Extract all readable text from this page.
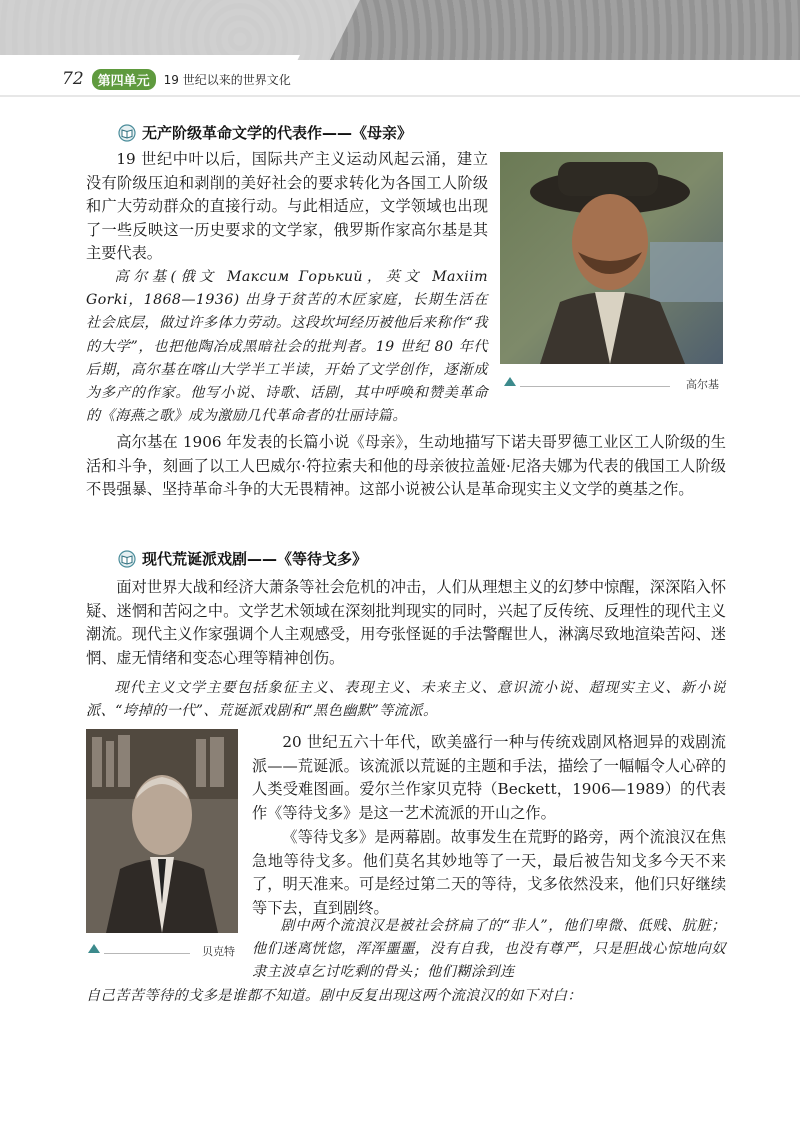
72	第四单元	19 世纪以来的世界文化
无产阶级革命文学的代表作——《母亲》

19 世纪中叶以后，国际共产主义运动风起云涌，建立没有阶级压迫和剥削的美好社会的要求转化为各国工人阶级和广大劳动群众的直接行动。与此相适应，文学领域也出现了一些反映这一历史要求的文学家，俄罗斯作家高尔基是其主要代表。

高尔基(俄文 Максим Горький，英文 Maxiim Gorki，1868—1936) 出身于贫苦的木匠家庭，长期生活在社会底层，做过许多体力劳动。这段坎坷经历被他后来称作“我的大学”，也把他陶冶成黑暗社会的批判者。19 世纪 80 年代后期，高尔基在喀山大学半工半读，开始了文学创作，逐渐成为多产的作家。他写小说、诗歌、话剧，其中呼唤和赞美革命的《海燕之歌》成为激励几代革命者的壮丽诗篇。

高尔基

高尔基在 1906 年发表的长篇小说《母亲》，生动地描写下诺夫哥罗德工业区工人阶级的生活和斗争，刻画了以工人巴威尔·符拉索夫和他的母亲彼拉盖娅·尼洛夫娜为代表的俄国工人阶级不畏强暴、坚持革命斗争的大无畏精神。这部小说被公认是革命现实主义文学的奠基之作。

现代荒诞派戏剧——《等待戈多》

面对世界大战和经济大萧条等社会危机的冲击，人们从理想主义的幻梦中惊醒，深深陷入怀疑、迷惘和苦闷之中。文学艺术领域在深刻批判现实的同时，兴起了反传统、反理性的现代主义潮流。现代主义作家强调个人主观感受，用夸张怪诞的手法警醒世人，淋漓尽致地渲染苦闷、迷惘、虚无情绪和变态心理等精神创伤。

现代主义文学主要包括象征主义、表现主义、未来主义、意识流小说、超现实主义、新小说派、“垮掉的一代”、荒诞派戏剧和“黑色幽默”等流派。

贝克特

20 世纪五六十年代，欧美盛行一种与传统戏剧风格迥异的戏剧流派——荒诞派。该流派以荒诞的主题和手法，描绘了一幅幅令人心碎的人类受难图画。爱尔兰作家贝克特（Beckett，1906—1989）的代表作《等待戈多》是这一艺术流派的开山之作。

《等待戈多》是两幕剧。故事发生在荒野的路旁，两个流浪汉在焦急地等待戈多。他们莫名其妙地等了一天，最后被告知戈多今天不来了，明天准来。可是经过第二天的等待，戈多依然没来，他们只好继续等下去，直到剧终。

剧中两个流浪汉是被社会挤扁了的“非人”，他们卑微、低贱、肮脏；他们迷离恍惚，浑浑噩噩，没有自我，也没有尊严，只是胆战心惊地向奴隶主波卓乞讨吃剩的骨头；他们糊涂到连

自己苦苦等待的戈多是谁都不知道。剧中反复出现这两个流浪汉的如下对白：
